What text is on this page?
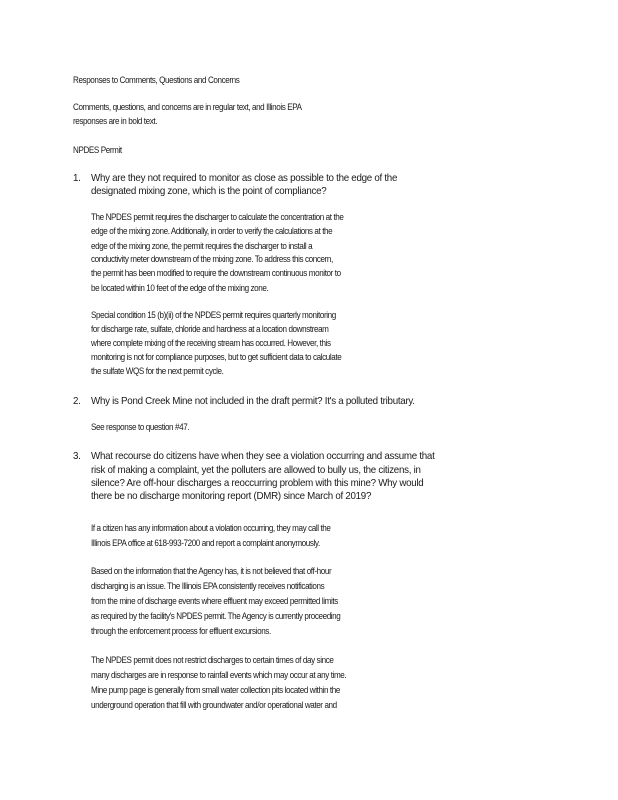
Responses to Comments, Questions and Concerns
Comments, questions, and concerns are in regular text, and Illinois EPA
responses are in bold text.
NPDES Permit
1. Why are they not required to monitor as close as possible to the edge of the
designated mixing zone, which is the point of compliance?
The NPDES permit requires the discharger to calculate the concentration at the
edge of the mixing zone. Additionally, in order to verify the calculations at the
edge of the mixing zone, the permit requires the discharger to install a
conductivity meter downstream of the mixing zone. To address this concern,
the permit has been modified to require the downstream continuous monitor to
be located within 10 feet of the edge of the mixing zone.
Special condition 15 (b)(ii) of the NPDES permit requires quarterly monitoring
for discharge rate, sulfate, chloride and hardness at a location downstream
where complete mixing of the receiving stream has occurred. However, this
monitoring is not for compliance purposes, but to get sufficient data to calculate
the sulfate WQS for the next permit cycle.
2. Why is Pond Creek Mine not included in the draft permit? It's a polluted tributary.
See response to question #47.
3. What recourse do citizens have when they see a violation occurring and assume that
risk of making a complaint, yet the polluters are allowed to bully us, the citizens, in
silence? Are off-hour discharges a reoccurring problem with this mine? Why would
there be no discharge monitoring report (DMR) since March of 2019?
If a citizen has any information about a violation occurring, they may call the
Illinois EPA office at 618-993-7200 and report a complaint anonymously.
Based on the information that the Agency has, it is not believed that off-hour
discharging is an issue. The Illinois EPA consistently receives notifications
from the mine of discharge events where effluent may exceed permitted limits
as required by the facility's NPDES permit. The Agency is currently proceeding
through the enforcement process for effluent excursions.
The NPDES permit does not restrict discharges to certain times of day since
many discharges are in response to rainfall events which may occur at any time.
Mine pump page is generally from small water collection pits located within the
underground operation that fill with groundwater and/or operational water and
